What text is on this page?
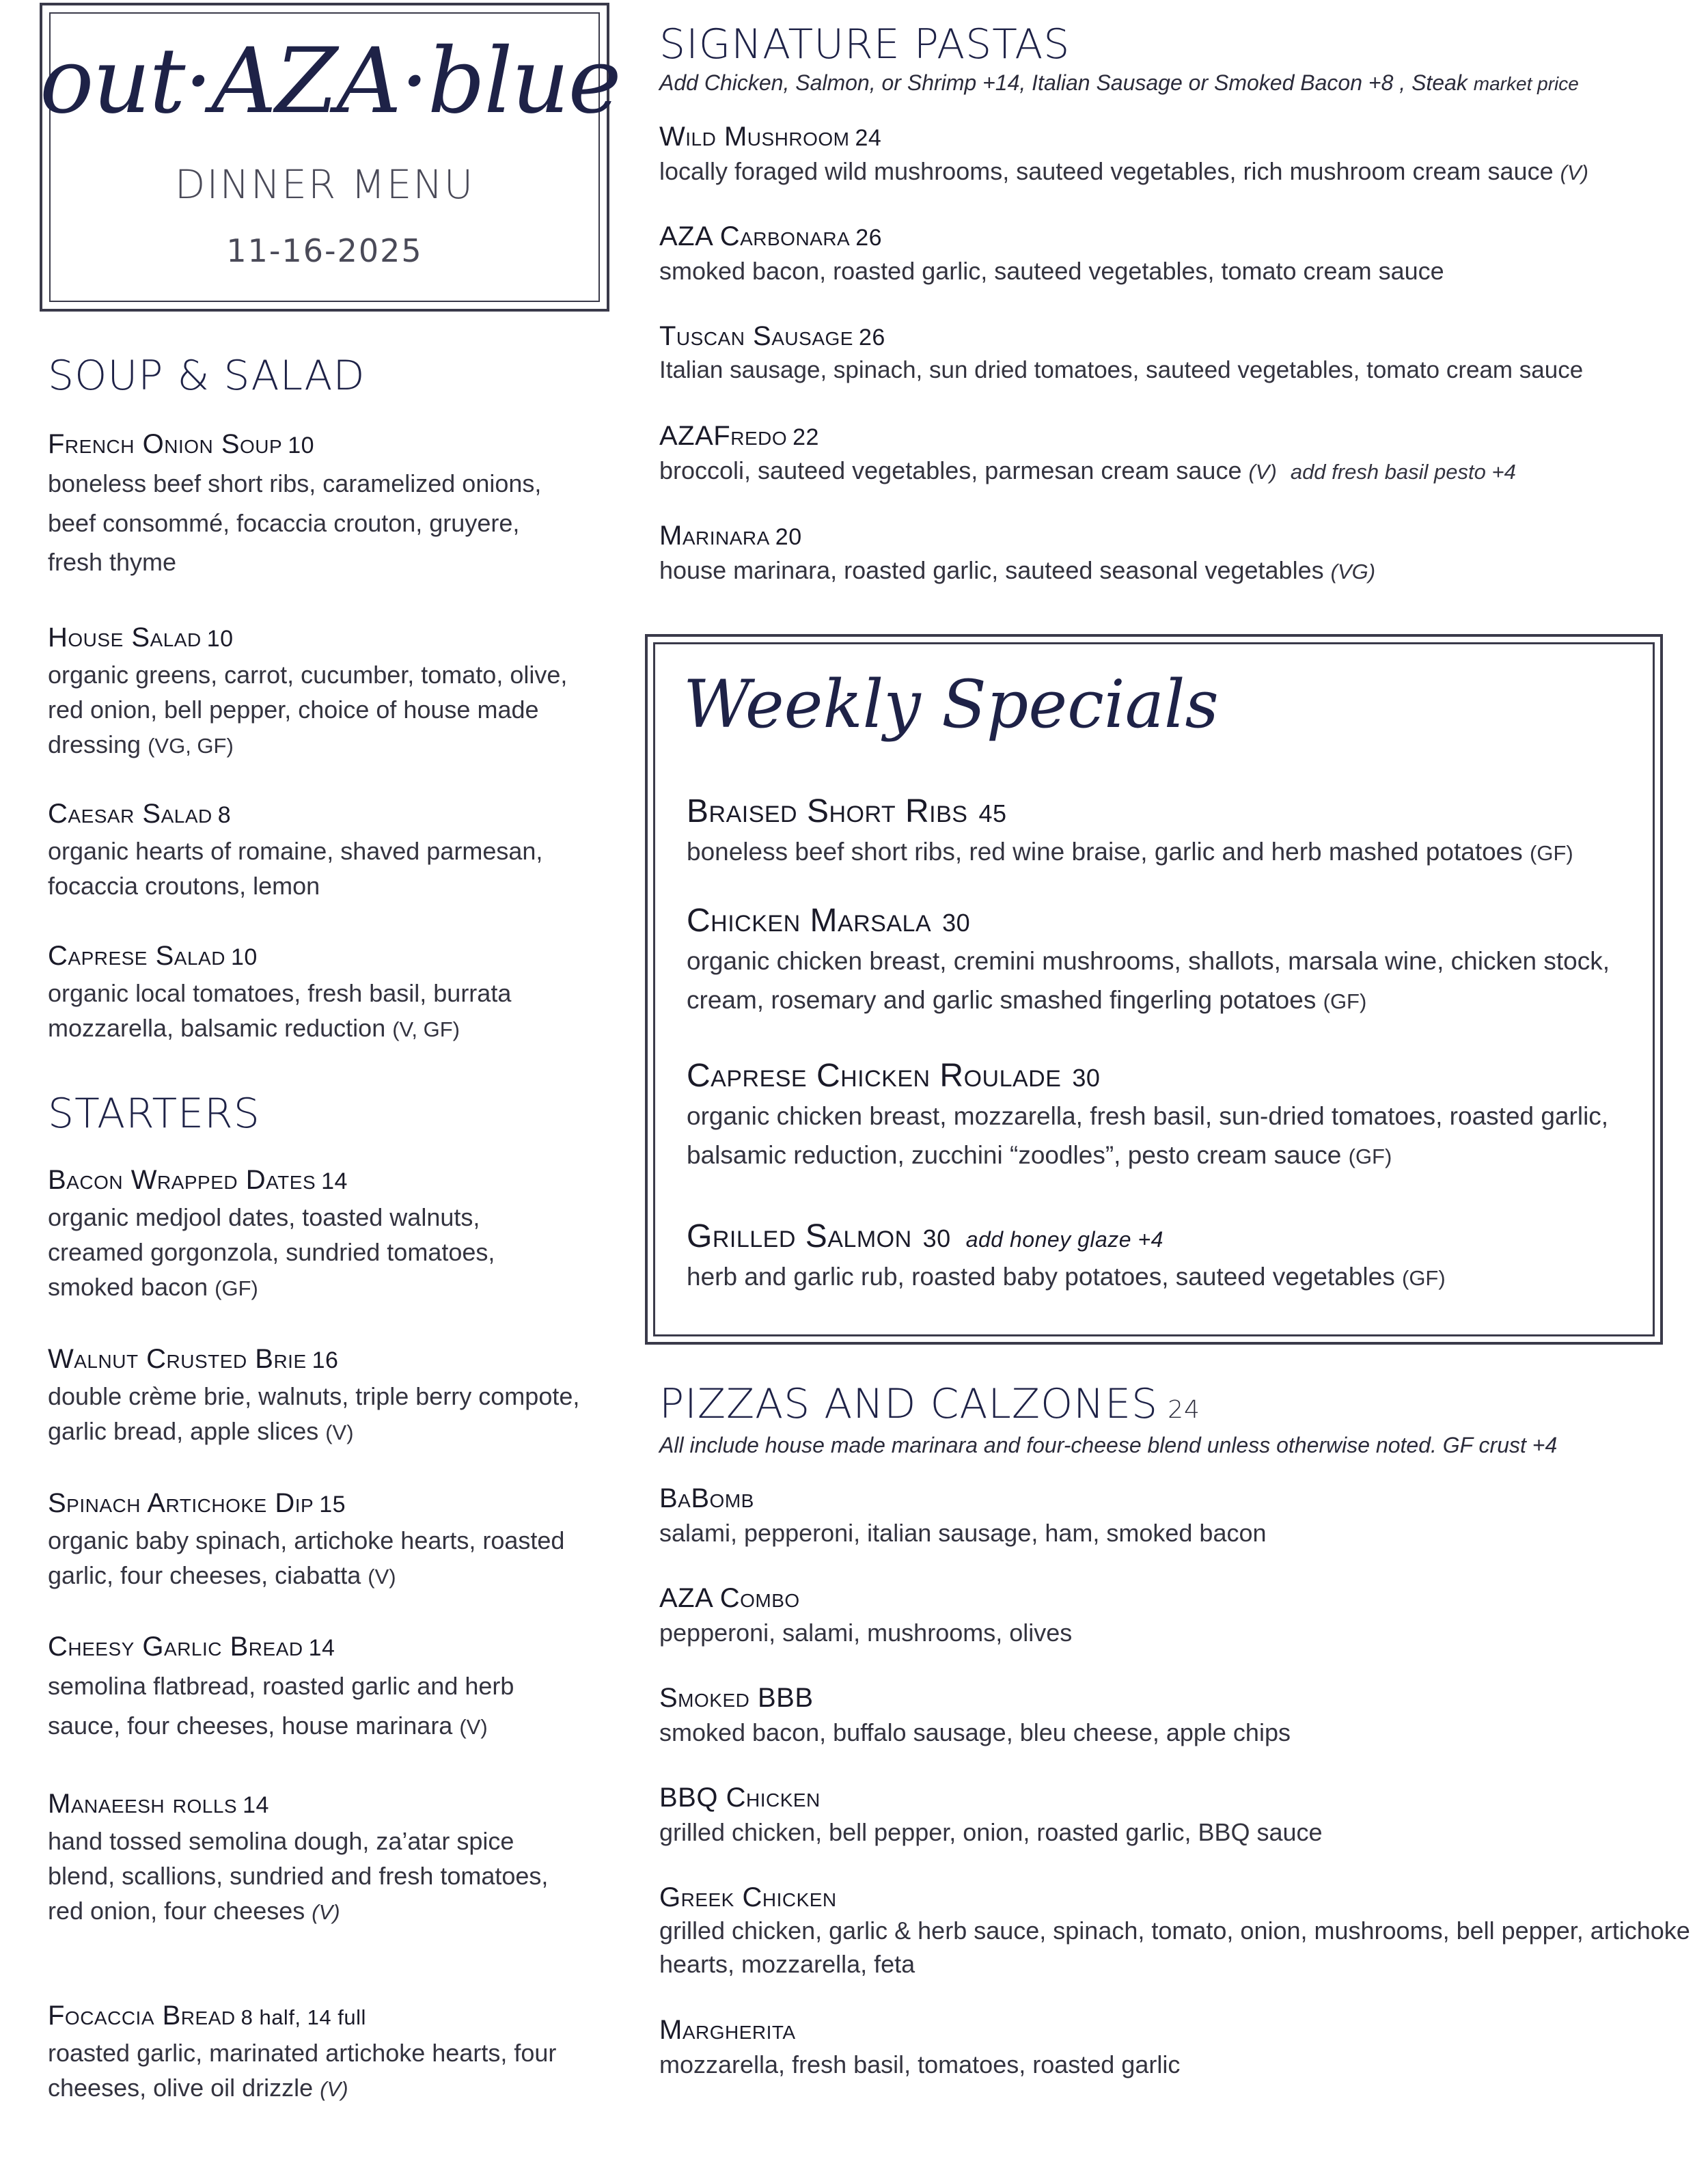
out·AZA·blue
DINNER MENU
11-16-2025
SOUP & SALAD
French Onion Soup 10
boneless beef short ribs, caramelized onions, beef consommé, focaccia crouton, gruyere, fresh thyme
House Salad 10
organic greens, carrot, cucumber, tomato, olive, red onion, bell pepper, choice of house made dressing (VG, GF)
Caesar Salad 8
organic hearts of romaine, shaved parmesan, focaccia croutons, lemon
Caprese Salad 10
organic local tomatoes, fresh basil, burrata mozzarella, balsamic reduction (V, GF)
STARTERS
Bacon Wrapped Dates 14
organic medjool dates, toasted walnuts, creamed gorgonzola, sundried tomatoes, smoked bacon (GF)
Walnut Crusted Brie 16
double crème brie, walnuts, triple berry compote, garlic bread, apple slices (V)
Spinach Artichoke Dip 15
organic baby spinach, artichoke hearts, roasted garlic, four cheeses, ciabatta (V)
Cheesy Garlic Bread 14
semolina flatbread, roasted garlic and herb sauce, four cheeses, house marinara (V)
Manaeesh rolls 14
hand tossed semolina dough, za’atar spice blend, scallions, sundried and fresh tomatoes, red onion, four cheeses (V)
Focaccia Bread 8 half, 14 full
roasted garlic, marinated artichoke hearts, four cheeses, olive oil drizzle (V)
SIGNATURE PASTAS
Add Chicken, Salmon, or Shrimp +14, Italian Sausage or Smoked Bacon +8 , Steak market price
Wild Mushroom 24
locally foraged wild mushrooms, sauteed vegetables, rich mushroom cream sauce (V)
AZA Carbonara 26
smoked bacon, roasted garlic, sauteed vegetables, tomato cream sauce
Tuscan Sausage 26
Italian sausage, spinach, sun dried tomatoes, sauteed vegetables, tomato cream sauce
AZAFredo 22
broccoli, sauteed vegetables, parmesan cream sauce (V) add fresh basil pesto +4
Marinara 20
house marinara, roasted garlic, sauteed seasonal vegetables (VG)
Weekly Specials
Braised Short Ribs 45
boneless beef short ribs, red wine braise, garlic and herb mashed potatoes (GF)
Chicken Marsala 30
organic chicken breast, cremini mushrooms, shallots, marsala wine, chicken stock, cream, rosemary and garlic smashed fingerling potatoes (GF)
Caprese Chicken Roulade 30
organic chicken breast, mozzarella, fresh basil, sun-dried tomatoes, roasted garlic, balsamic reduction, zucchini “zoodles”, pesto cream sauce (GF)
Grilled Salmon 30 add honey glaze +4
herb and garlic rub, roasted baby potatoes, sauteed vegetables (GF)
PIZZAS AND CALZONES 24
All include house made marinara and four-cheese blend unless otherwise noted. GF crust +4
BaBomb
salami, pepperoni, italian sausage, ham, smoked bacon
AZA Combo
pepperoni, salami, mushrooms, olives
Smoked BBB
smoked bacon, buffalo sausage, bleu cheese, apple chips
BBQ Chicken
grilled chicken, bell pepper, onion, roasted garlic, BBQ sauce
Greek Chicken
grilled chicken, garlic & herb sauce, spinach, tomato, onion, mushrooms, bell pepper, artichoke hearts, mozzarella, feta
Margherita
mozzarella, fresh basil, tomatoes, roasted garlic
